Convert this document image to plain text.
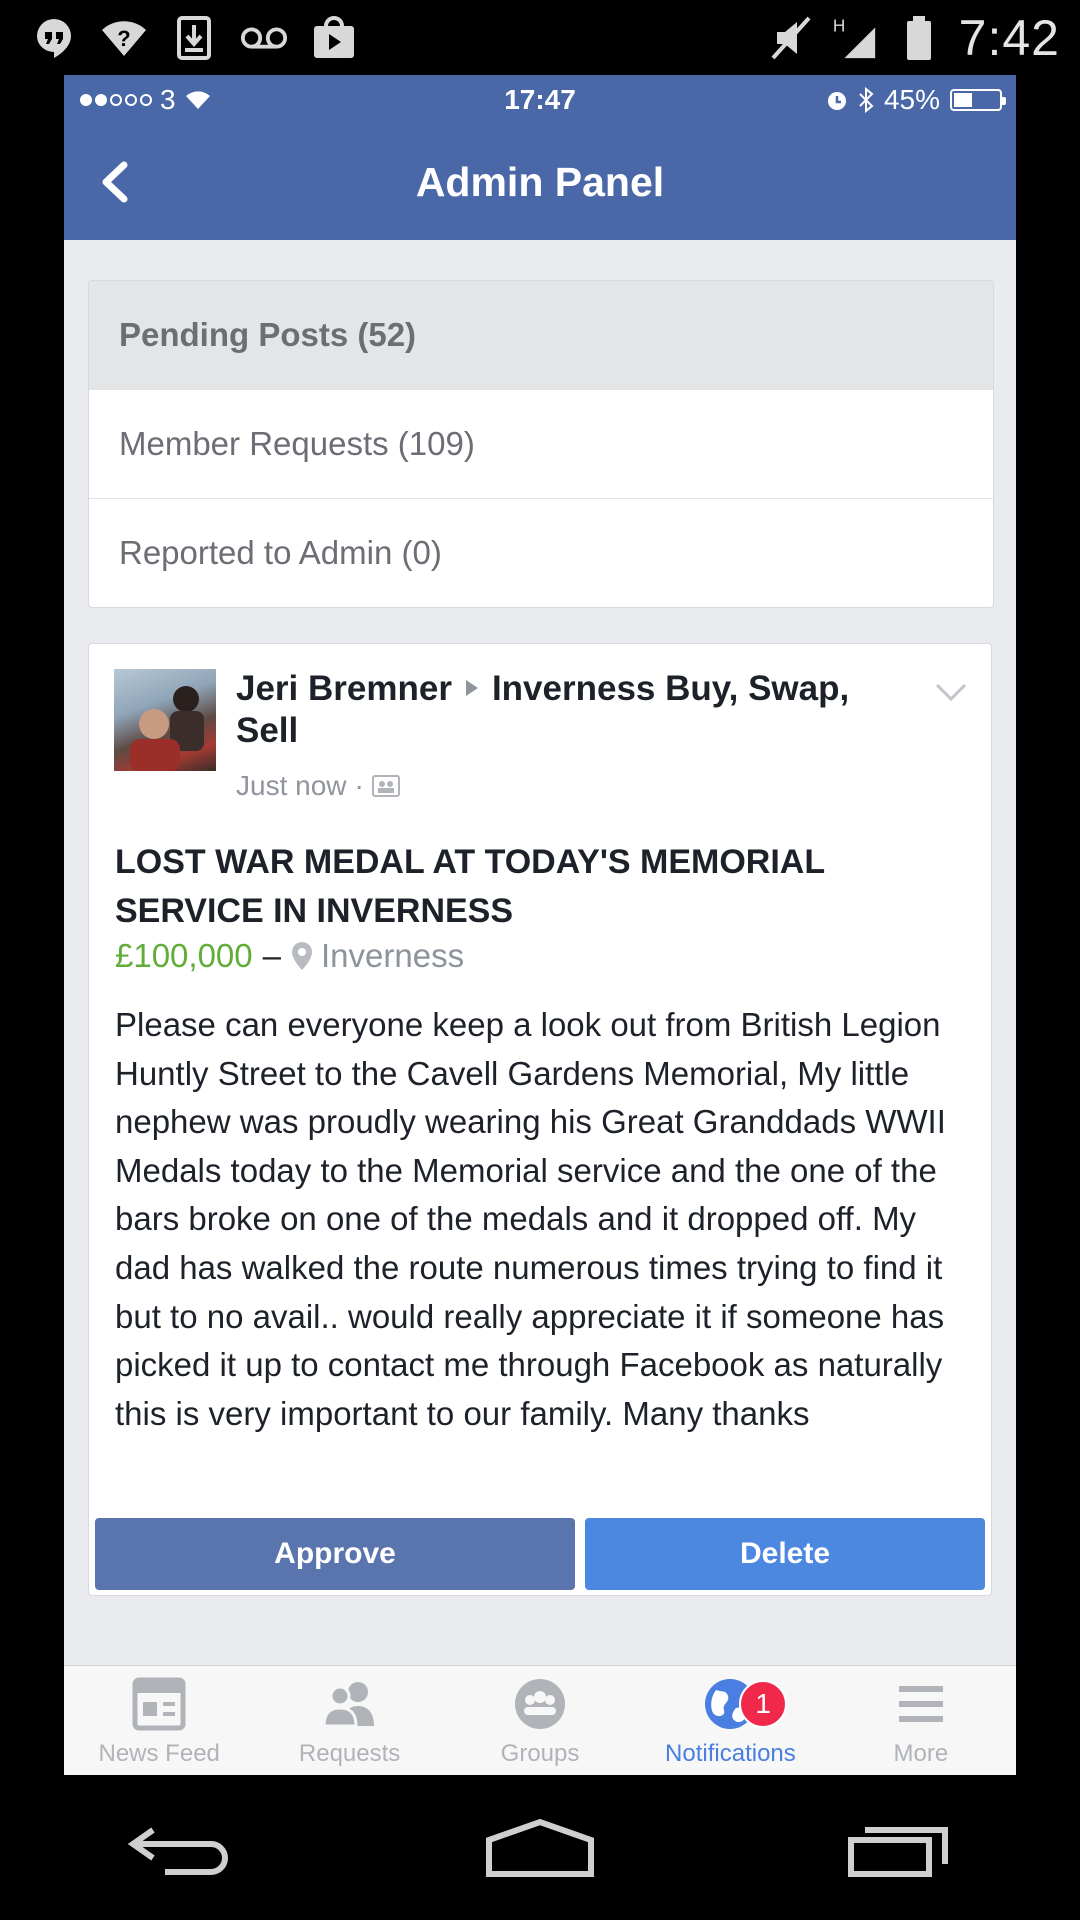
?
H 7:42
3	17:47	45%
Admin Panel
Pending Posts (52)
Member Requests (109)
Reported to Admin (0)
Jeri Bremner Inverness Buy, Swap, Sell
Just now ·
LOST WAR MEDAL AT TODAY'S MEMORIAL SERVICE IN INVERNESS
£100,000 – Inverness
Please can everyone keep a look out from British Legion Huntly Street to the Cavell Gardens Memorial, My little nephew was proudly wearing his Great Granddads WWII Medals today to the Memorial service and the one of the bars broke on one of the medals and it dropped off. My dad has walked the route numerous times trying to find it but to no avail.. would really appreciate it if someone has picked it up to contact me through Facebook as naturally this is very important to our family. Many thanks
Approve	Delete
News Feed	Requests	Groups
1
Notifications	More
